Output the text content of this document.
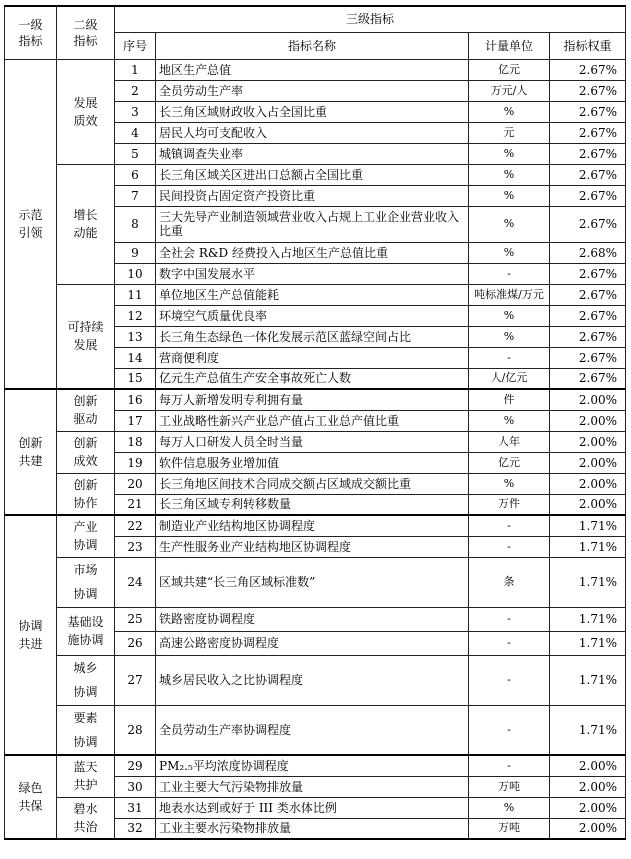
一级指标	二级指标	三级指标			
		序号	指标名称	计量单位	指标权重
示范引领	发展质效	1	地区生产总值	亿元	2.67%
		2	全员劳动生产率	万元/人	2.67%
		3	长三角区域财政收入占全国比重	%	2.67%
		4	居民人均可支配收入	元	2.67%
		5	城镇调查失业率	%	2.67%
	增长动能	6	长三角区域关区进出口总额占全国比重	%	2.67%
		7	民间投资占固定资产投资比重	%	2.67%
		8	三大先导产业制造领域营业收入占规上工业企业营业收入比重	%	2.67%
		9	全社会 R&D 经费投入占地区生产总值比重	%	2.68%
		10	数字中国发展水平	-	2.67%
	可持续发展	11	单位地区生产总值能耗	吨标准煤/万元	2.67%
		12	环境空气质量优良率	%	2.67%
		13	长三角生态绿色一体化发展示范区蓝绿空间占比	%	2.67%
		14	营商便利度	-	2.67%
		15	亿元生产总值生产安全事故死亡人数	人/亿元	2.67%
创新共建	创新驱动	16	每万人新增发明专利拥有量	件	2.00%
		17	工业战略性新兴产业总产值占工业总产值比重	%	2.00%
	创新成效	18	每万人口研发人员全时当量	人年	2.00%
		19	软件信息服务业增加值	亿元	2.00%
	创新协作	20	长三角地区间技术合同成交额占区域成交额比重	%	2.00%
		21	长三角区域专利转移数量	万件	2.00%
协调共进	产业协调	22	制造业产业结构地区协调程度	-	1.71%
		23	生产性服务业产业结构地区协调程度	-	1.71%
	市场协调	24	区域共建“长三角区域标准数”	条	1.71%
	基础设施协调	25	铁路密度协调程度	-	1.71%
		26	高速公路密度协调程度	-	1.71%
	城乡协调	27	城乡居民收入之比协调程度	-	1.71%
	要素协调	28	全员劳动生产率协调程度	-	1.71%
绿色共保	蓝天共护	29	PM₂.₅平均浓度协调程度	-	2.00%
		30	工业主要大气污染物排放量	万吨	2.00%
	碧水共治	31	地表水达到或好于 III 类水体比例	%	2.00%
		32	工业主要水污染物排放量	万吨	2.00%
